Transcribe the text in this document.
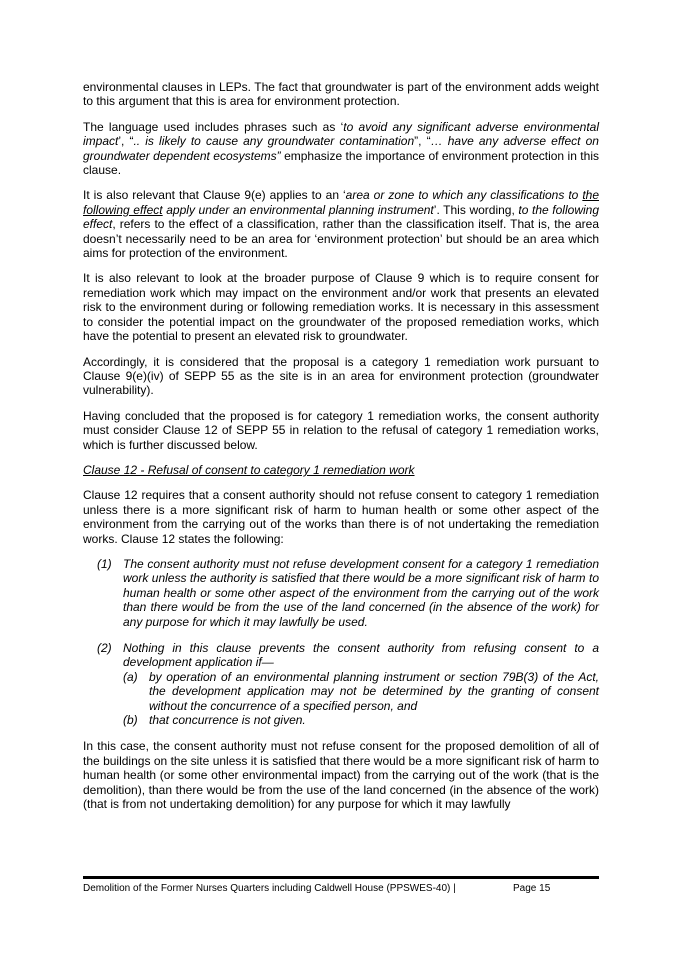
environmental clauses in LEPs. The fact that groundwater is part of the environment adds weight to this argument that this is area for environment protection.

The language used includes phrases such as ‘to avoid any significant adverse environmental impact’, “.. is likely to cause any groundwater contamination”, “… have any adverse effect on groundwater dependent ecosystems” emphasize the importance of environment protection in this clause.

It is also relevant that Clause 9(e) applies to an ‘area or zone to which any classifications to the following effect apply under an environmental planning instrument’. This wording, to the following effect, refers to the effect of a classification, rather than the classification itself. That is, the area doesn’t necessarily need to be an area for ‘environment protection’ but should be an area which aims for protection of the environment.

It is also relevant to look at the broader purpose of Clause 9 which is to require consent for remediation work which may impact on the environment and/or work that presents an elevated risk to the environment during or following remediation works. It is necessary in this assessment to consider the potential impact on the groundwater of the proposed remediation works, which have the potential to present an elevated risk to groundwater.

Accordingly, it is considered that the proposal is a category 1 remediation work pursuant to Clause 9(e)(iv) of SEPP 55 as the site is in an area for environment protection (groundwater vulnerability).

Having concluded that the proposed is for category 1 remediation works, the consent authority must consider Clause 12 of SEPP 55 in relation to the refusal of category 1 remediation works, which is further discussed below.

Clause 12 - Refusal of consent to category 1 remediation work

Clause 12 requires that a consent authority should not refuse consent to category 1 remediation unless there is a more significant risk of harm to human health or some other aspect of the environment from the carrying out of the works than there is of not undertaking the remediation works. Clause 12 states the following:

(1) The consent authority must not refuse development consent for a category 1 remediation work unless the authority is satisfied that there would be a more significant risk of harm to human health or some other aspect of the environment from the carrying out of the work than there would be from the use of the land concerned (in the absence of the work) for any purpose for which it may lawfully be used.
(2) Nothing in this clause prevents the consent authority from refusing consent to a development application if—
(a) by operation of an environmental planning instrument or section 79B(3) of the Act, the development application may not be determined by the granting of consent without the concurrence of a specified person, and
(b) that concurrence is not given.

In this case, the consent authority must not refuse consent for the proposed demolition of all of the buildings on the site unless it is satisfied that there would be a more significant risk of harm to human health (or some other environmental impact) from the carrying out of the work (that is the demolition), than there would be from the use of the land concerned (in the absence of the work) (that is from not undertaking demolition) for any purpose for which it may lawfully

Demolition of the Former Nurses Quarters including Caldwell House (PPSWES-40) |	Page 15
